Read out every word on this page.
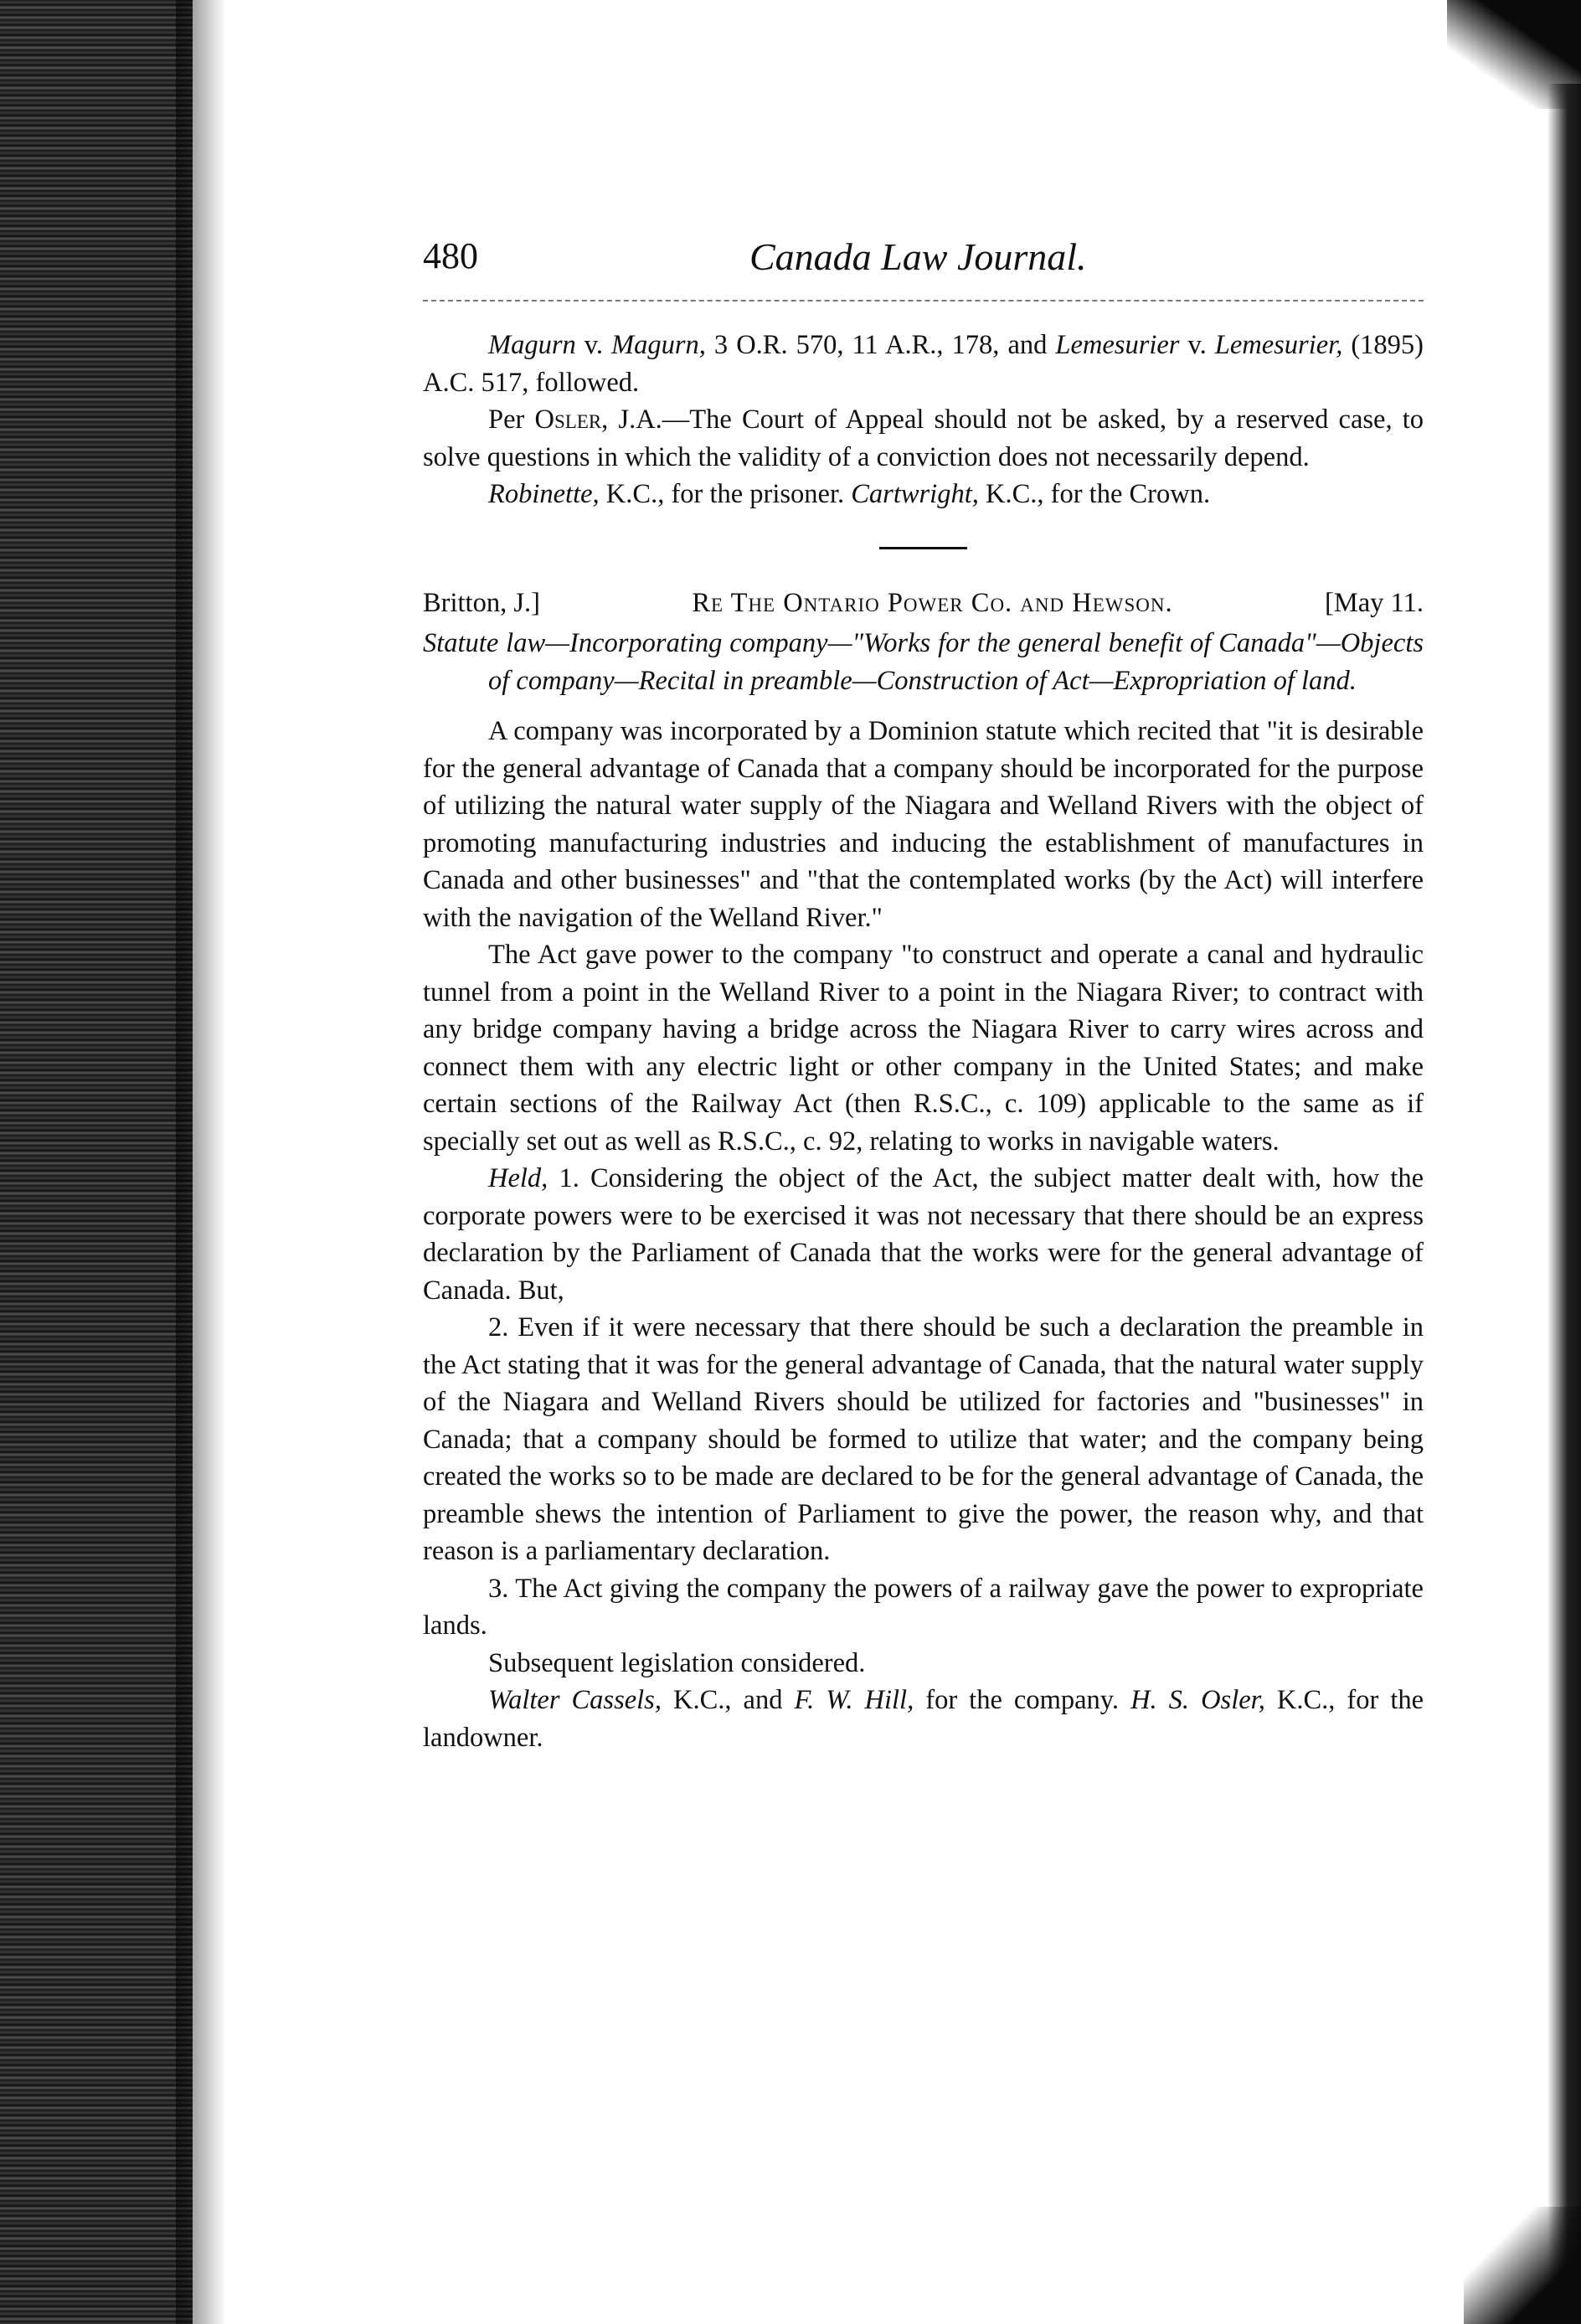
480	Canada Law Journal.

Magurn v. Magurn, 3 O.R. 570, 11 A.R., 178, and Lemesurier v. Lemesurier, (1895) A.C. 517, followed.

Per Osler, J.A.—The Court of Appeal should not be asked, by a reserved case, to solve questions in which the validity of a conviction does not necessarily depend.

Robinette, K.C., for the prisoner. Cartwright, K.C., for the Crown.

Britton, J.]	Re The Ontario Power Co. and Hewson.	[May 11.

Statute law—Incorporating company—"Works for the general benefit of Canada"—Objects of company—Recital in preamble—Construction of Act—Expropriation of land.

A company was incorporated by a Dominion statute which recited that "it is desirable for the general advantage of Canada that a company should be incorporated for the purpose of utilizing the natural water supply of the Niagara and Welland Rivers with the object of promoting manufacturing industries and inducing the establishment of manufactures in Canada and other businesses" and "that the contemplated works (by the Act) will interfere with the navigation of the Welland River."

The Act gave power to the company "to construct and operate a canal and hydraulic tunnel from a point in the Welland River to a point in the Niagara River; to contract with any bridge company having a bridge across the Niagara River to carry wires across and connect them with any electric light or other company in the United States; and make certain sections of the Railway Act (then R.S.C., c. 109) applicable to the same as if specially set out as well as R.S.C., c. 92, relating to works in navigable waters.

Held, 1. Considering the object of the Act, the subject matter dealt with, how the corporate powers were to be exercised it was not necessary that there should be an express declaration by the Parliament of Canada that the works were for the general advantage of Canada. But,

2. Even if it were necessary that there should be such a declaration the preamble in the Act stating that it was for the general advantage of Canada, that the natural water supply of the Niagara and Welland Rivers should be utilized for factories and "businesses" in Canada; that a company should be formed to utilize that water; and the company being created the works so to be made are declared to be for the general advantage of Canada, the preamble shews the intention of Parliament to give the power, the reason why, and that reason is a parliamentary declaration.

3. The Act giving the company the powers of a railway gave the power to expropriate lands.

Subsequent legislation considered.

Walter Cassels, K.C., and F. W. Hill, for the company. H. S. Osler, K.C., for the landowner.
